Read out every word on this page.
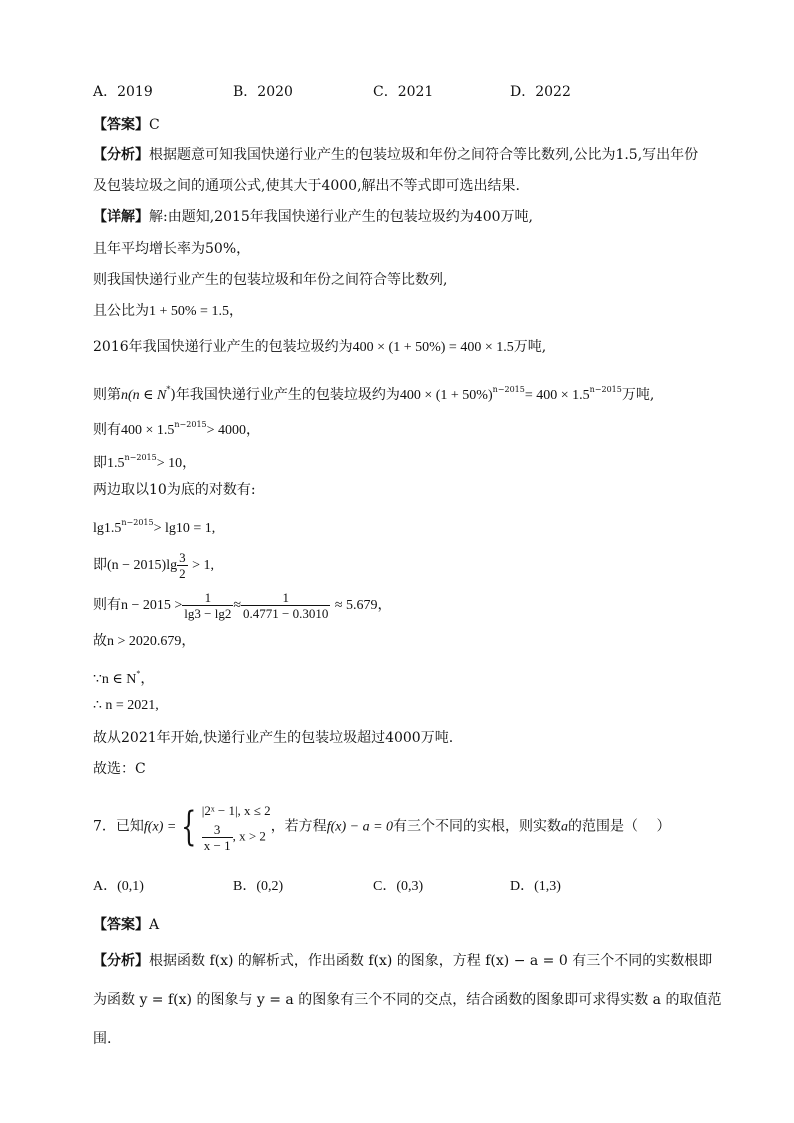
A．2019	B．2020	C．2021	D．2022
【答案】C
【分析】根据题意可知我国快递行业产生的包装垃圾和年份之间符合等比数列,公比为1.5,写出年份
及包装垃圾之间的通项公式,使其大于4000,解出不等式即可选出结果.
【详解】解:由题知,2015年我国快递行业产生的包装垃圾约为400万吨,
且年平均增长率为50%，
则我国快递行业产生的包装垃圾和年份之间符合等比数列,
且公比为1 + 50% = 1.5，
2016年我国快递行业产生的包装垃圾约为400 × (1 + 50%) = 400 × 1.5万吨,
则第n(n ∈ N*)年我国快递行业产生的包装垃圾约为$400 \times (1 + 50\%)^{n-2015}= 400 \times 1.5^{n-2015}$万吨,
则有$400 \times 1.5^{n-2015}> 4000$，
即$1.5^{n-2015}> 10$，
两边取以10为底的对数有:
$\lg 1.5^{n-2015}> \lg 10 = 1$,
即$(n - 2015)\lg \frac{3}{2} > 1$,
则有$n - 2015 > \frac{1}{\lg 3 - \lg 2} \approx \frac{1}{0.4771 - 0.3010} \approx 5.679$，
故n > 2020.679，
∵n ∈ N*，
∴ n = 2021,
故从2021年开始,快递行业产生的包装垃圾超过4000万吨.
故选：C
7．已知f(x) = { |2ˣ − 1|, x ≤ 2
$\frac{3}{x - 1}$ , x > 2
，若方程f(x) − a = 0有三个不同的实根，则实数a的范围是（　 ）
A．(0,1)	B．(0,2)	C．(0,3)	D．(1,3)
【答案】A
【分析】根据函数 f(x) 的解析式，作出函数 f(x) 的图象，方程 f(x) − a = 0 有三个不同的实数根即
为函数 y = f(x) 的图象与 y = a 的图象有三个不同的交点，结合函数的图象即可求得实数 a 的取值范
围.
